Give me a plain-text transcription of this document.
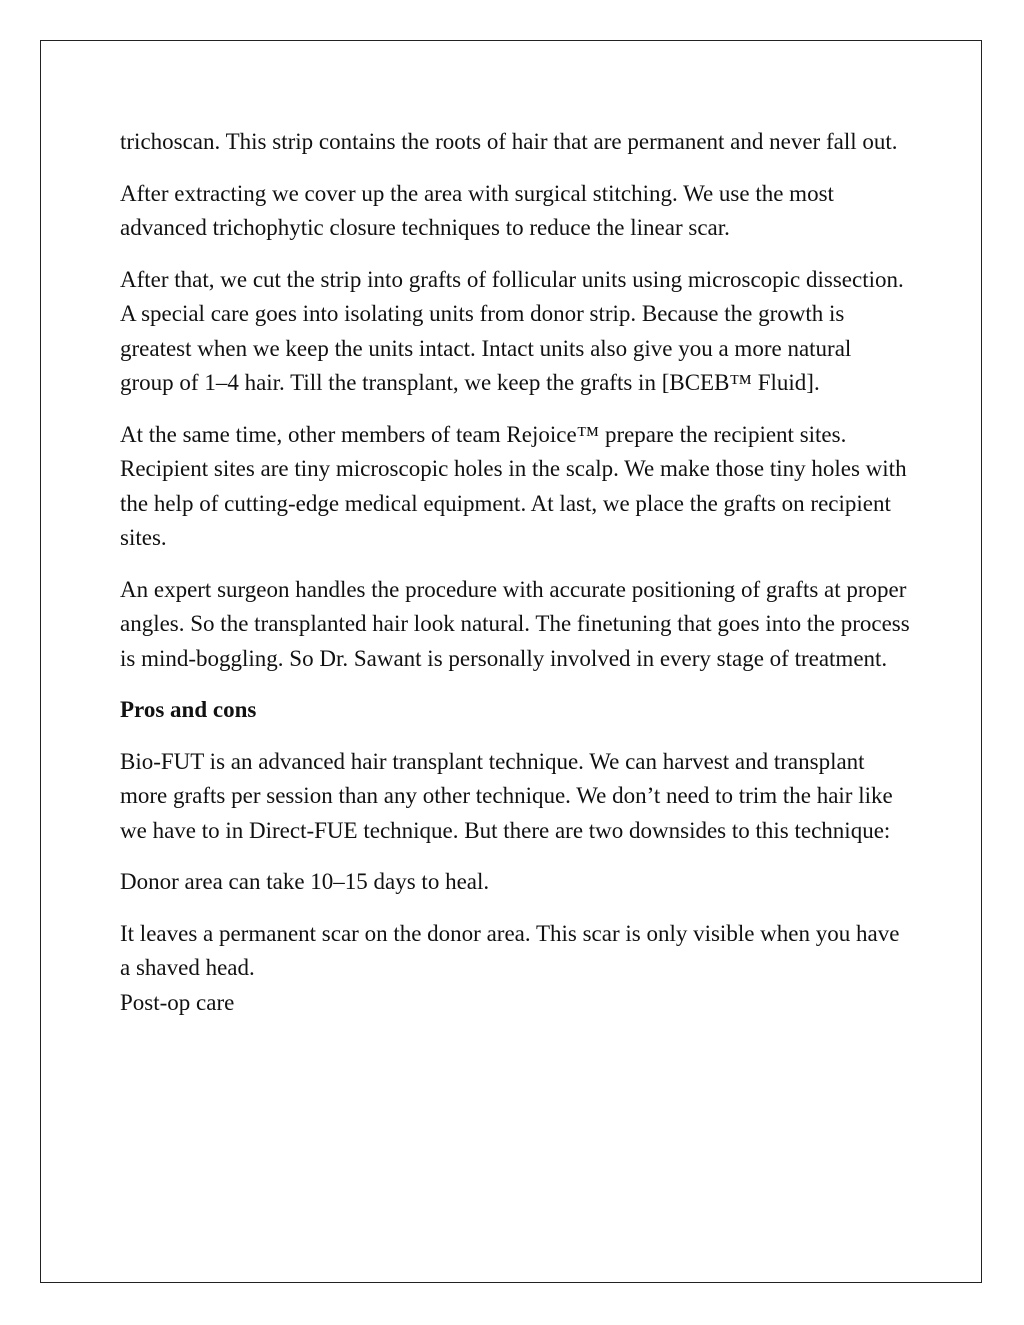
trichoscan. This strip contains the roots of hair that are permanent and never fall out.

After extracting we cover up the area with surgical stitching. We use the most advanced trichophytic closure techniques to reduce the linear scar.

After that, we cut the strip into grafts of follicular units using microscopic dissection. A special care goes into isolating units from donor strip. Because the growth is greatest when we keep the units intact. Intact units also give you a more natural group of 1–4 hair. Till the transplant, we keep the grafts in [BCEB™ Fluid].

At the same time, other members of team Rejoice™ prepare the recipient sites. Recipient sites are tiny microscopic holes in the scalp. We make those tiny holes with the help of cutting-edge medical equipment. At last, we place the grafts on recipient sites.

An expert surgeon handles the procedure with accurate positioning of grafts at proper angles. So the transplanted hair look natural. The finetuning that goes into the process is mind-boggling. So Dr. Sawant is personally involved in every stage of treatment.

Pros and cons

Bio-FUT is an advanced hair transplant technique. We can harvest and transplant more grafts per session than any other technique. We don’t need to trim the hair like we have to in Direct-FUE technique. But there are two downsides to this technique:

Donor area can take 10–15 days to heal.

It leaves a permanent scar on the donor area. This scar is only visible when you have a shaved head.

Post-op care
